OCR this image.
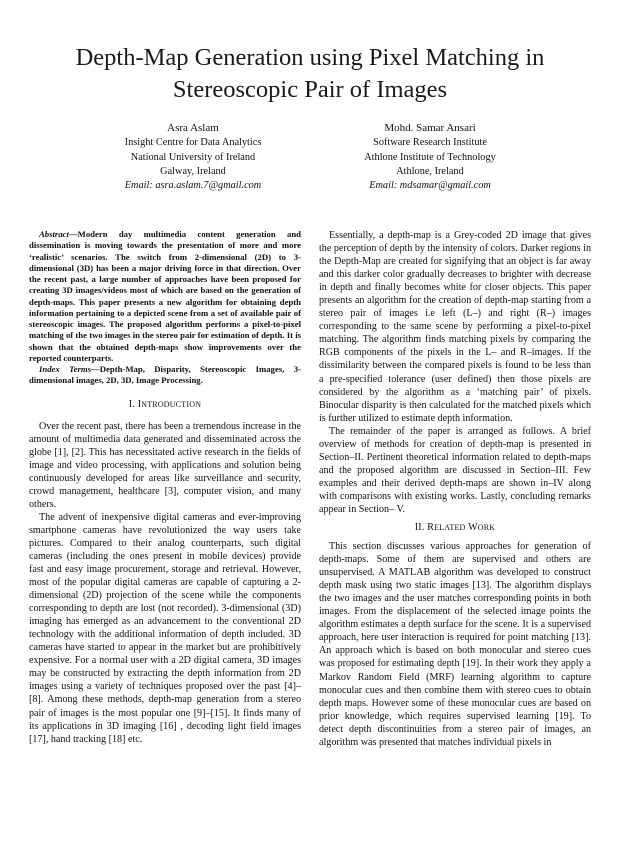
Depth-Map Generation using Pixel Matching in
Stereoscopic Pair of Images
Asra Aslam
Insight Centre for Data Analytics
National University of Ireland
Galway, Ireland
Email: asra.aslam.7@gmail.com
Mohd. Samar Ansari
Software Research Institute
Athlone Institute of Technology
Athlone, Ireland
Email: mdsamar@gmail.com

Abstract—Modern day multimedia content generation and dissemination is moving towards the presentation of more and more ‘realistic’ scenarios. The switch from 2-dimensional (2D) to 3-dimensional (3D) has been a major driving force in that direction. Over the recent past, a large number of approaches have been proposed for creating 3D images/videos most of which are based on the generation of depth-maps. This paper presents a new algorithm for obtaining depth information pertaining to a depicted scene from a set of available pair of stereoscopic images. The proposed algorithm performs a pixel-to-pixel matching of the two images in the stereo pair for estimation of depth. It is shown that the obtained depth-maps show improvements over the reported counterparts.

Index Terms—Depth-Map, Disparity, Stereoscopic Images, 3-dimensional images, 2D, 3D, Image Processing.

I. INTRODUCTION

Over the recent past, there has been a tremendous increase in the amount of multimedia data generated and disseminated across the globe [1], [2]. This has necessitated active research in the fields of image and video processing, with applications and solution being continuously developed for areas like surveillance and security, crowd management, healthcare [3], computer vision, and many others.

The advent of inexpensive digital cameras and ever-improving smartphone cameras have revolutionized the way users take pictures. Compared to their analog counterparts, such digital cameras (including the ones present in mobile devices) provide fast and easy image procurement, storage and retrieval. However, most of the popular digital cameras are capable of capturing a 2-dimensional (2D) projection of the scene while the components corresponding to depth are lost (not recorded). 3-dimensional (3D) imaging has emerged as an advancement to the conventional 2D technology with the additional information of depth included. 3D cameras have started to appear in the market but are prohibitively expensive. For a normal user with a 2D digital camera, 3D images may be constructed by extracting the depth information from 2D images using a variety of techniques proposed over the past [4]–[8]. Among these methods, depth-map generation from a stereo pair of images is the most popular one [9]–[15]. It finds many of its applications in 3D imaging [16] , decoding light field images [17], hand tracking [18] etc.

Essentially, a depth-map is a Grey-coded 2D image that gives the perception of depth by the intensity of colors. Darker regions in the Depth-Map are created for signifying that an object is far away and this darker color gradually decreases to brighter with decrease in depth and finally becomes white for closer objects. This paper presents an algorithm for the creation of depth-map starting from a stereo pair of images i.e left (L–) and right (R–) images corresponding to the same scene by performing a pixel-to-pixel matching. The algorithm finds matching pixels by comparing the RGB components of the pixels in the L– and R–images. If the dissimilarity between the compared pixels is found to be less than a pre-specified tolerance (user defined) then those pixels are considered by the algorithm as a ‘matching pair’ of pixels. Binocular disparity is then calculated for the matched pixels which is further utilized to estimate depth information.

The remainder of the paper is arranged as follows. A brief overview of methods for creation of depth-map is presented in Section–II. Pertinent theoretical information related to depth-maps and the proposed algorithm are discussed in Section–III. Few examples and their derived depth-maps are shown in–IV along with comparisons with existing works. Lastly, concluding remarks appear in Section– V.

II. RELATED WORK

This section discusses various approaches for generation of depth-maps. Some of them are supervised and others are unsupervised. A MATLAB algorithm was developed to construct depth mask using two static images [13]. The algorithm displays the two images and the user matches corresponding points in both images. From the displacement of the selected image points the algorithm estimates a depth surface for the scene. It is a supervised approach, here user interaction is required for point matching [13]. An approach which is based on both monocular and stereo cues was proposed for estimating depth [19]. In their work they apply a Markov Random Field (MRF) learning algorithm to capture monocular cues and then combine them with stereo cues to obtain depth maps. However some of these monocular cues are based on prior knowledge, which requires supervised learning [19]. To detect depth discontinuities from a stereo pair of images, an algorithm was presented that matches individual pixels in
